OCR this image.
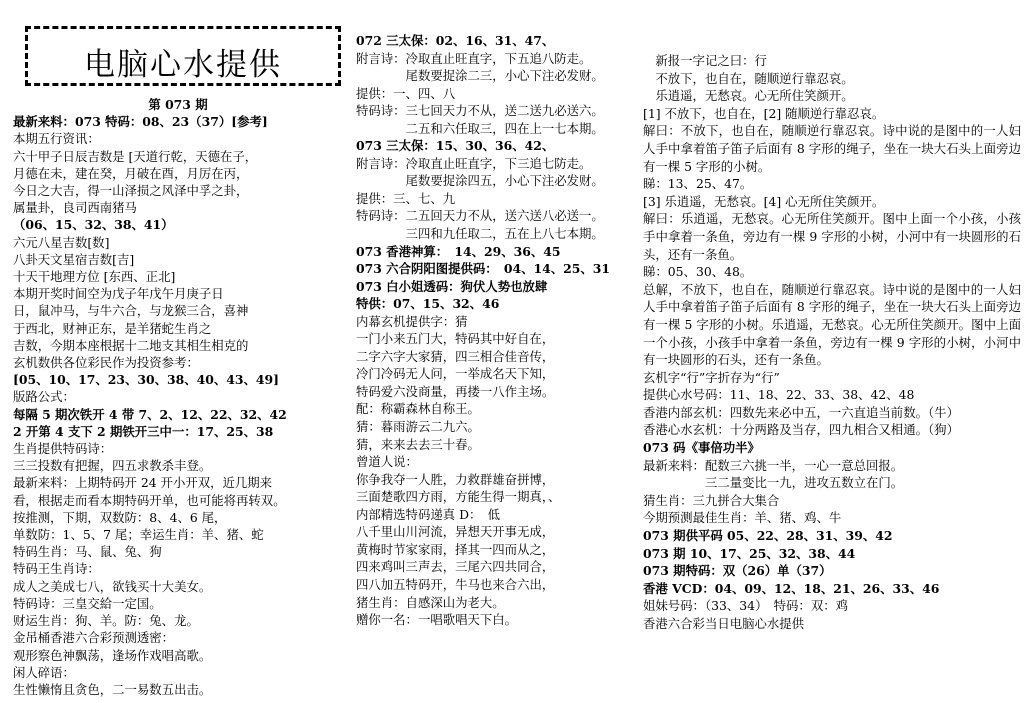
电脑心水提供
第 073 期
最新来料：073 特码：08、23（37）[参考]
本期五行资讯：
六十甲子日辰吉数是 [天道行乾，天德在子，
月德在未，建在癸，月破在酉，月厉在丙，
今日之大吉，得一山泽损之风泽中孚之卦，
属量卦，良司西南猪马
（06、15、32、38、41）
六元八星吉数[数]
八卦天文星宿吉数[吉]
十天干地理方位 [东西、正北]
本期开奖时间空为戊子年戊午月庚子日
日，鼠冲马，与牛六合，与龙猴三合，喜神
于西北，财神正东，是羊猪蛇生肖之
吉数，今期本座根据十二地支其相生相克的
玄机数供各位彩民作为投资参考：
[05、10、17、23、30、38、40、43、49]
版路公式：
每隔 5 期次铁开 4 带 7、2、12、22、32、42
2 开第 4 支下 2 期铁开三中一：17、25、38
生肖提供特码诗：
三三投数有把握，四五求教杀丰登。
最新来料：上期特码开 24 开小开双，近几期来
看，根据走而看本期特码开单，也可能将再转双。
按推测，下期，双数防：8、4、6 尾，
单数防：1、5、7 尾；幸运生肖：羊、猪、蛇
特码生肖：马、鼠、兔、狗
特码王生肖诗：
成人之美成七八，欲钱买十大美女。
特码诗：三皇交給一定国。
财运生肖：狗、羊。防：兔、龙。
金吊桶香港六合彩预测透密：
观形察色神飘荡，逢场作戏唱高歌。
闲人碎语：
生性懒惰且贪色，二一易数五出击。
072 三太保：02、16、31、47、
附言诗：冷取直止旺直字，下五追八防走。
　　　　尾数要捉涂二三，小心下注必发财。
提供：一、四、八
特码诗：三七回天力不从，送二送九必送六。
　　　　二五和六任取三，四在上一七本期。
073 三太保：15、30、36、42、
附言诗：冷取直止旺直字，下三追七防走。
　　　　尾数要捉涂四五，小心下注必发财。
提供：三、七、九
特码诗：二五回天力不从，送六送八必送一。
　　　　三四和九任取二，五在上八七本期。
073 香港神算：　14、29、36、45
073 六合阴阳图提供码：　04、14、25、31
073 白小姐透码：狗伏人势也放肆
特供：07、15、32、46
内幕玄机提供字：猜
一门小来五门大，特码其中好自在，
二字六字大家猜，四三相合佳音传，
冷门冷码无人问，一举成名天下知，
特码爱六没商量，再搂一八作主场。
配：称霸森林自称王。
猜：暮雨游云二九六。
猜，来来去去三十春。
曾道人说：
你争我夺一人胜，力救群雄奋拼博，
三面楚歌四方雨，方能生得一期真，、
内部精选特码递真 D：　低
八千里山川河流，异想天开事无成，
黄梅时节家家雨，择其一四而从之，
四来鸡叫三声去，三尾六四共同合，
四八加五特码开，牛马也来合六出，
猪生肖：自感深山为老大。
赠你一名：一唱歌唱天下白。
　新报一字记之曰：行
　不放下，也自在，随顺逆行靠忍哀。
　乐逍遥，无愁哀。心无所住笑颜开。
[1] 不放下，也自在，[2] 随顺逆行靠忍哀。
解曰：不放下，也自在，随顺逆行靠忍哀。诗中说的是图中的一人妇人手中拿着笛子笛子后面有 8 字形的绳子，坐在一块大石头上面旁边有一棵 5 字形的小树。
睇：13、25、47。
[3] 乐逍遥，无愁哀。[4] 心无所住笑颜开。
解曰：乐逍遥，无愁哀。心无所住笑颜开。图中上面一个小孩，小孩手中拿着一条鱼，旁边有一棵 9 字形的小树，小河中有一块圆形的石头，还有一条鱼。
睇：05、30、48。
总解，不放下，也自在，随顺逆行靠忍哀。诗中说的是图中的一人妇人手中拿着笛子笛子后面有 8 字形的绳子，坐在一块大石头上面旁边有一棵 5 字形的小树。乐逍遥，无愁哀。心无所住笑颜开。图中上面一个小孩，小孩手中拿着一条鱼，旁边有一棵 9 字形的小树，小河中有一块圆形的石头，还有一条鱼。
玄机字“行”字折存为“行”
提供心水号码：11、18、22、33、38、42、48
香港内部玄机：四数先来必中五，一六直追当前数。（牛）
香港心水玄机：十分两路及当存，四九相合又相通。（狗）
073 码《事倍功半》
最新来料：配数三六挑一半，一心一意总回报。
　　　　　三二量变比一九，进攻五数立在门。
猜生肖：三九拼合大集合
今期预测最佳生肖：羊、猪、鸡、牛
073 期供平码 05、22、28、31、39、42
073 期 10、17、25、32、38、44
073 期特码：双（26）单（37）
香港 VCD：04、09、12、18、21、26、33、46
姐妹号码：（33、34）　特码：双：鸡
香港六合彩当日电脑心水提供
